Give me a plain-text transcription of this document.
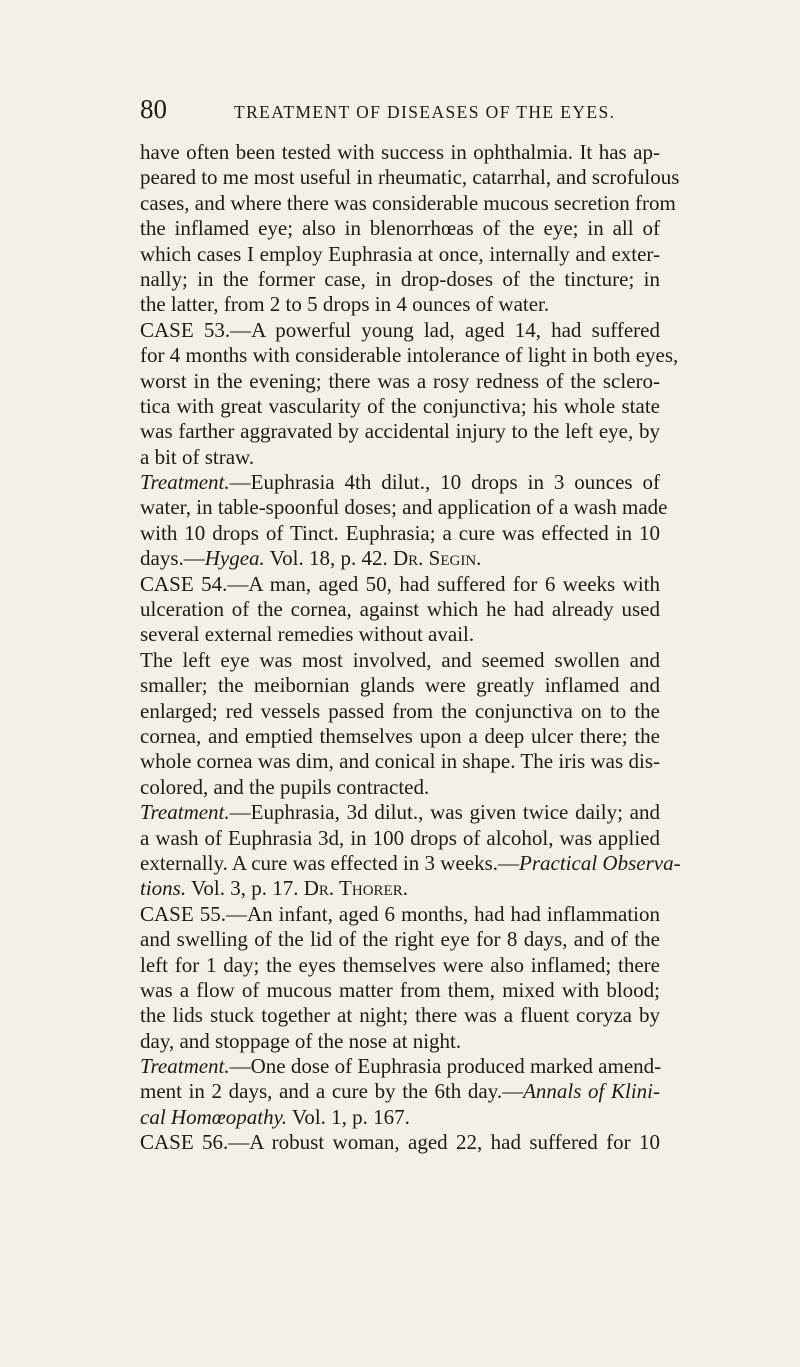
80	TREATMENT OF DISEASES OF THE EYES.
have often been tested with success in ophthalmia. It has ap-
peared to me most useful in rheumatic, catarrhal, and scrofulous
cases, and where there was considerable mucous secretion from
the inflamed eye; also in blenorrhœas of the eye; in all of
which cases I employ Euphrasia at once, internally and exter-
nally; in the former case, in drop-doses of the tincture; in
the latter, from 2 to 5 drops in 4 ounces of water.
CASE 53.—A powerful young lad, aged 14, had suffered
for 4 months with considerable intolerance of light in both eyes,
worst in the evening; there was a rosy redness of the sclero-
tica with great vascularity of the conjunctiva; his whole state
was farther aggravated by accidental injury to the left eye, by
a bit of straw.
Treatment.—Euphrasia 4th dilut., 10 drops in 3 ounces of
water, in table-spoonful doses; and application of a wash made
with 10 drops of Tinct. Euphrasia; a cure was effected in 10
days.—Hygea. Vol. 18, p. 42. Dr. Segin.
CASE 54.—A man, aged 50, had suffered for 6 weeks with
ulceration of the cornea, against which he had already used
several external remedies without avail.
The left eye was most involved, and seemed swollen and
smaller; the meibornian glands were greatly inflamed and
enlarged; red vessels passed from the conjunctiva on to the
cornea, and emptied themselves upon a deep ulcer there; the
whole cornea was dim, and conical in shape. The iris was dis-
colored, and the pupils contracted.
Treatment.—Euphrasia, 3d dilut., was given twice daily; and
a wash of Euphrasia 3d, in 100 drops of alcohol, was applied
externally. A cure was effected in 3 weeks.—Practical Observa-
tions. Vol. 3, p. 17. Dr. Thorer.
CASE 55.—An infant, aged 6 months, had had inflammation
and swelling of the lid of the right eye for 8 days, and of the
left for 1 day; the eyes themselves were also inflamed; there
was a flow of mucous matter from them, mixed with blood;
the lids stuck together at night; there was a fluent coryza by
day, and stoppage of the nose at night.
Treatment.—One dose of Euphrasia produced marked amend-
ment in 2 days, and a cure by the 6th day.—Annals of Klini-
cal Homœopathy. Vol. 1, p. 167.
CASE 56.—A robust woman, aged 22, had suffered for 10
